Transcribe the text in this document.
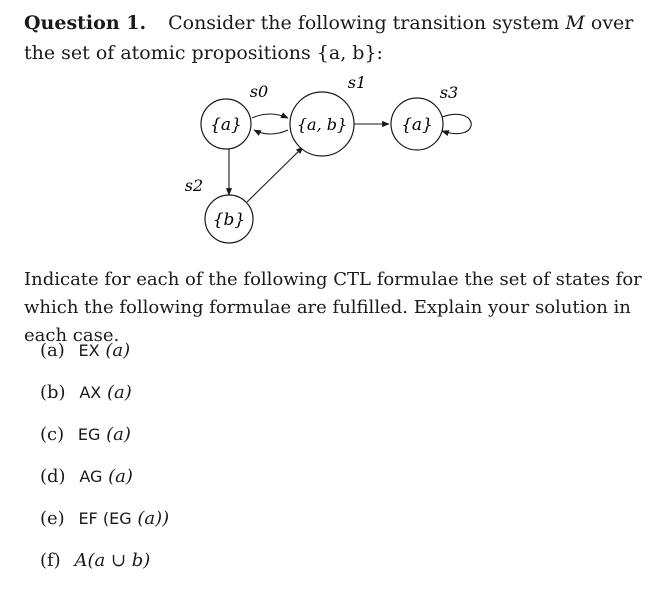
Question 1. Consider the following transition system M over the set of atomic propositions {a, b}:

{a}	{a, b}
{b}
{a}
s0	s1
s2
s3

Indicate for each of the following CTL formulae the set of states for which the following formulae are fulfilled. Explain your solution in each case.

(a) EX (a)
(b) AX (a)
(c) EG (a)
(d) AG (a)
(e) EF (EG (a))
(f) A(a ∪ b)
